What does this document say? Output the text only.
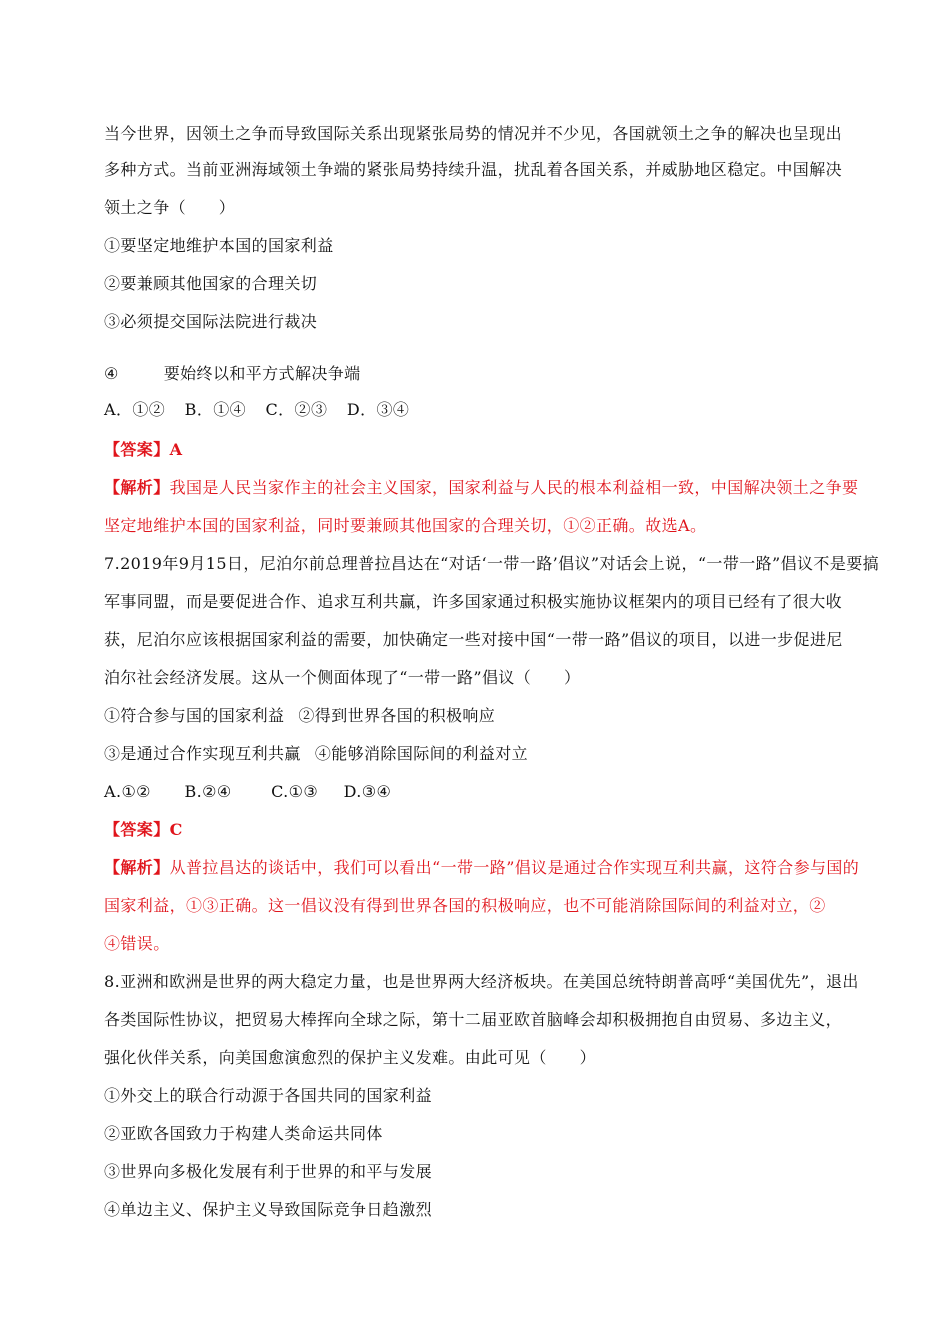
当今世界，因领土之争而导致国际关系出现紧张局势的情况并不少见，各国就领土之争的解决也呈现出
多种方式。当前亚洲海域领土争端的紧张局势持续升温，扰乱着各国关系，并威胁地区稳定。中国解决
领土之争（　　）
①要坚定地维护本国的国家利益
②要兼顾其他国家的合理关切
③必须提交国际法院进行裁决
④	要始终以和平方式解决争端
A．①② B．①④ C．②③ D．③④
【答案】A
【解析】我国是人民当家作主的社会主义国家，国家利益与人民的根本利益相一致，中国解决领土之争要
坚定地维护本国的国家利益，同时要兼顾其他国家的合理关切，①②正确。故选A。
7.2019年9月15日，尼泊尔前总理普拉昌达在“对话‘一带一路’倡议”对话会上说，“一带一路”倡议不是要搞
军事同盟，而是要促进合作、追求互利共赢，许多国家通过积极实施协议框架内的项目已经有了很大收
获，尼泊尔应该根据国家利益的需要，加快确定一些对接中国“一带一路”倡议的项目，以进一步促进尼
泊尔社会经济发展。这从一个侧面体现了“一带一路”倡议（　　）
①符合参与国的国家利益 ②得到世界各国的积极响应
③是通过合作实现互利共赢 ④能够消除国际间的利益对立
A.①② B.②④ C.①③ D.③④
【答案】C
【解析】从普拉昌达的谈话中，我们可以看出“一带一路”倡议是通过合作实现互利共赢，这符合参与国的
国家利益，①③正确。这一倡议没有得到世界各国的积极响应，也不可能消除国际间的利益对立，②
④错误。
8.亚洲和欧洲是世界的两大稳定力量，也是世界两大经济板块。在美国总统特朗普高呼“美国优先”，退出
各类国际性协议，把贸易大棒挥向全球之际，第十二届亚欧首脑峰会却积极拥抱自由贸易、多边主义，
强化伙伴关系，向美国愈演愈烈的保护主义发难。由此可见（　　）
①外交上的联合行动源于各国共同的国家利益
②亚欧各国致力于构建人类命运共同体
③世界向多极化发展有利于世界的和平与发展
④单边主义、保护主义导致国际竞争日趋激烈
